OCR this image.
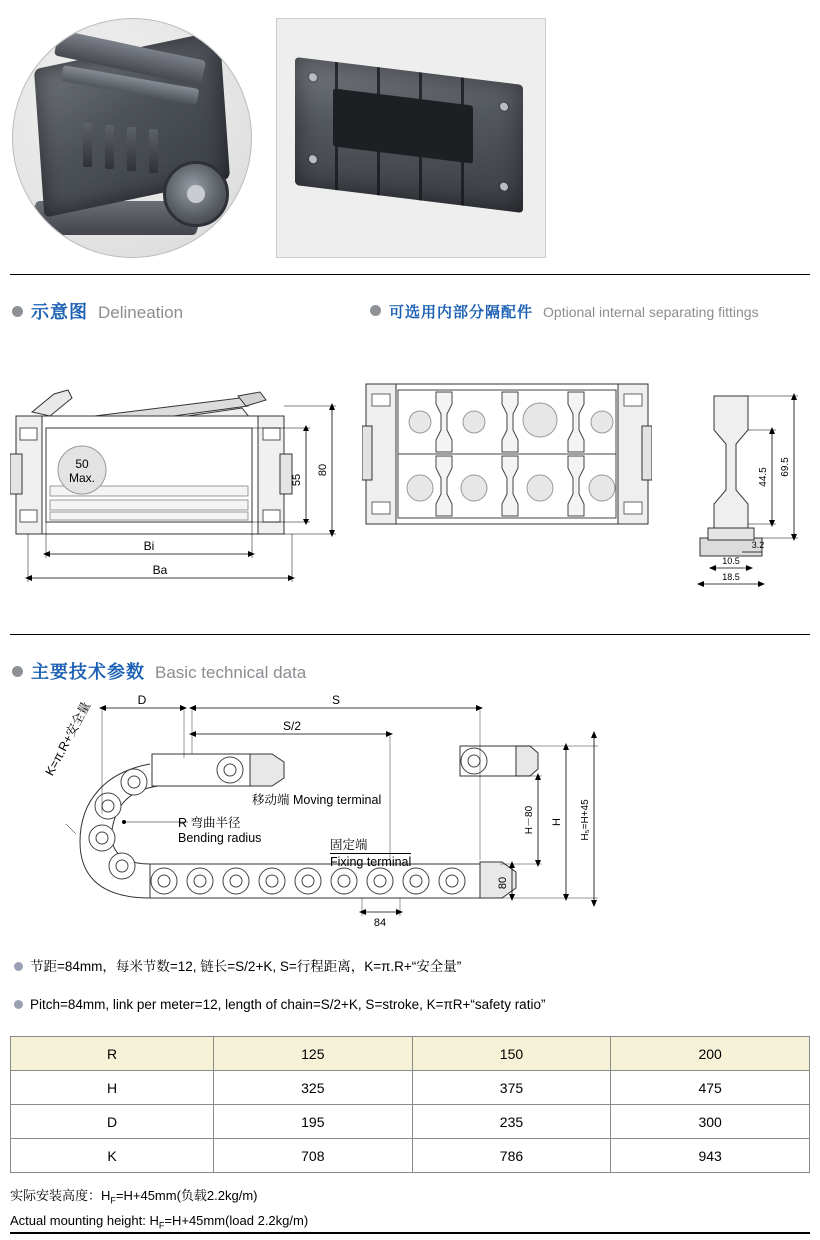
示意图 Delineation	可选用内部分隔配件 Optional internal separating fittings
50
Max.	55
80
Bi
Ba
44.5
69.5
3.2
10.5
18.5
主要技术参数 Basic technical data
D	S
S/2
84
80
H－80 H H₅=H+45
K=π.R+安全量
移动端 Moving terminal
R 弯曲半径
Bending radius	固定端
Fixing terminal
节距=84mm，每米节数=12, 链长=S/2+K, S=行程距离，K=π.R+“安全量”
Pitch=84mm, link per meter=12, length of chain=S/2+K, S=stroke, K=πR+“safety ratio”
R	125	150	200
H	325	375	475
D	195	235	300
K	708	786	943
实际安装高度：$H_F=H+45mm$(负载2.2kg/m)
Actual mounting height: $H_F=H+45mm(load$ 2.2kg/m)
